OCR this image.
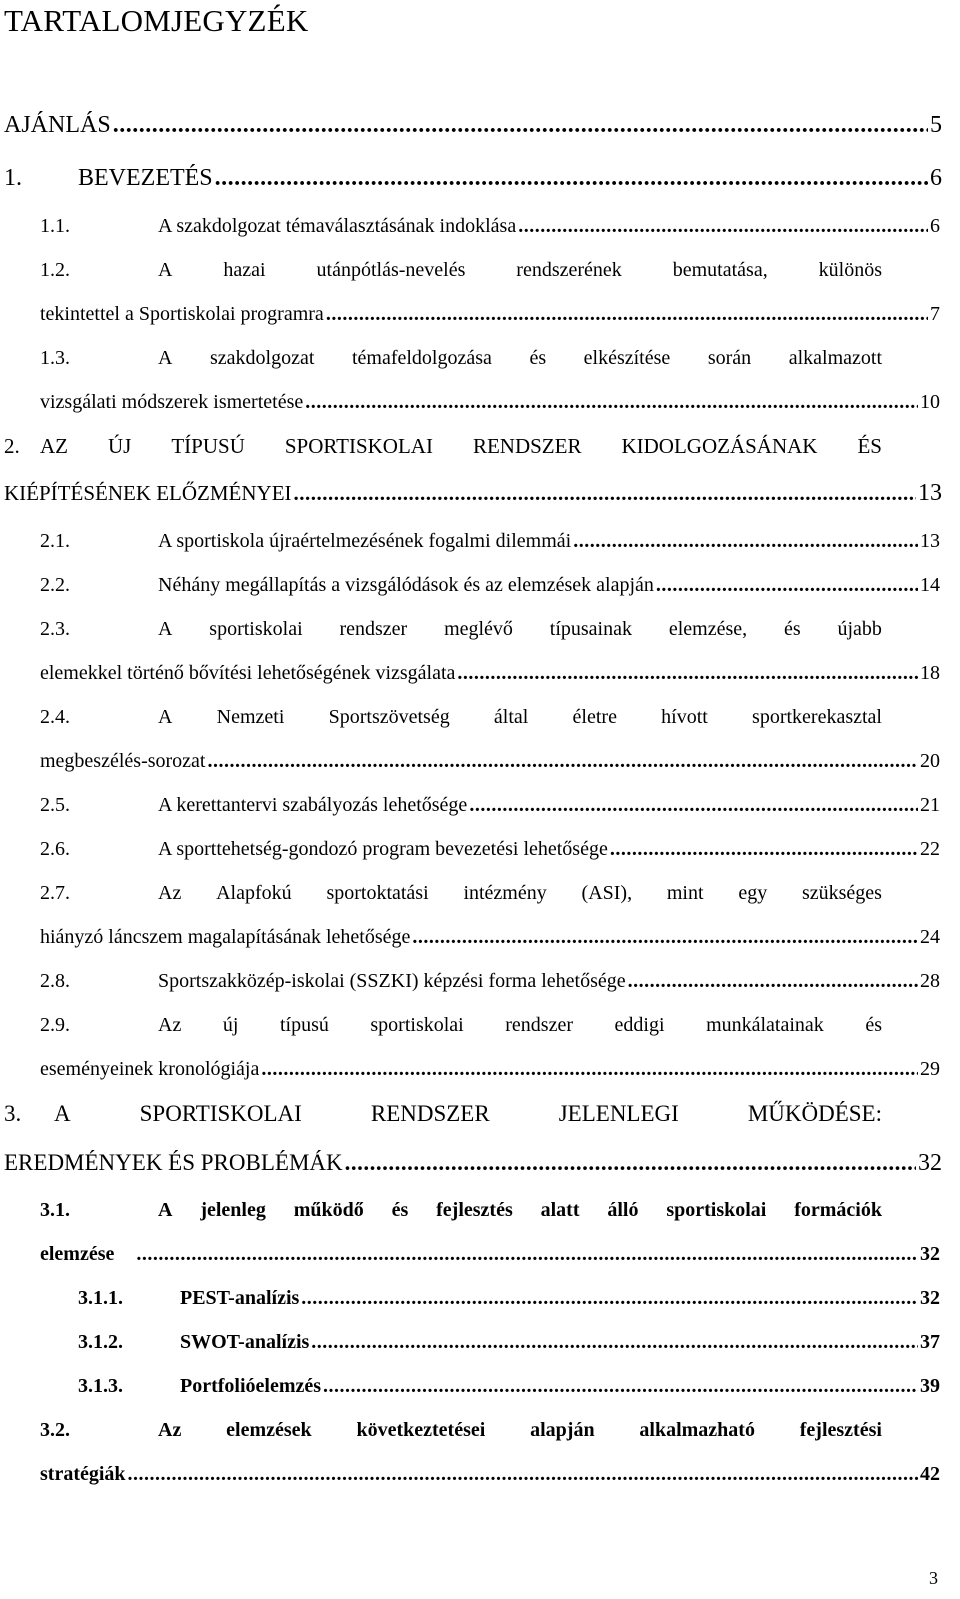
TARTALOMJEGYZÉK
AJÁNLÁS .....	5
1.	BEVEZETÉS .....	6
1.1.	A szakdolgozat témaválasztásának indoklása .....	6
1.2.	A	hazai	utánpótlás-nevelés	rendszerének	bemutatása,	különös
tekintettel a Sportiskolai programra .....	7
1.3.	A szakdolgozat témafeldolgozása és elkészítése során alkalmazott
vizsgálati módszerek ismertetése .....	10
2. AZ ÚJ TÍPUSÚ SPORTISKOLAI RENDSZER KIDOLGOZÁSÁNAK ÉS
KIÉPÍTÉSÉNEK ELŐZMÉNYEI .....	13
2.1.	A sportiskola újraértelmezésének fogalmi dilemmái .....	13
2.2.	Néhány megállapítás a vizsgálódások és az elemzések alapján .....	14
2.3.	A sportiskolai rendszer meglévő típusainak elemzése, és újabb
elemekkel történő bővítési lehetőségének vizsgálata .....	18
2.4.	A Nemzeti Sportszövetség által életre hívott sportkerekasztal
megbeszélés-sorozat .....	20
2.5.	A kerettantervi szabályozás lehetősége .....	21
2.6.	A sporttehetség-gondozó program bevezetési lehetősége .....	22
2.7.	Az Alapfokú sportoktatási intézmény (ASI), mint egy szükséges
hiányzó láncszem magalapításának lehetősége .....	24
2.8.	Sportszakközép-iskolai (SSZKI) képzési forma lehetősége .....	28
2.9.	Az új típusú sportiskolai rendszer eddigi munkálatainak és
eseményeinek kronológiája .....	29
3. A	SPORTISKOLAI	RENDSZER	JELENLEGI	MŰKÖDÉSE:
EREDMÉNYEK ÉS PROBLÉMÁK .....	32
3.1.	A jelenleg működő és fejlesztés alatt álló sportiskolai formációk
elemzése .....	32
3.1.1.	PEST-analízis .....	32
3.1.2.	SWOT-analízis .....	37
3.1.3.	Portfolióelemzés .....	39
3.2.	Az elemzések következtetései alapján alkalmazható fejlesztési
stratégiák .....	42
3
